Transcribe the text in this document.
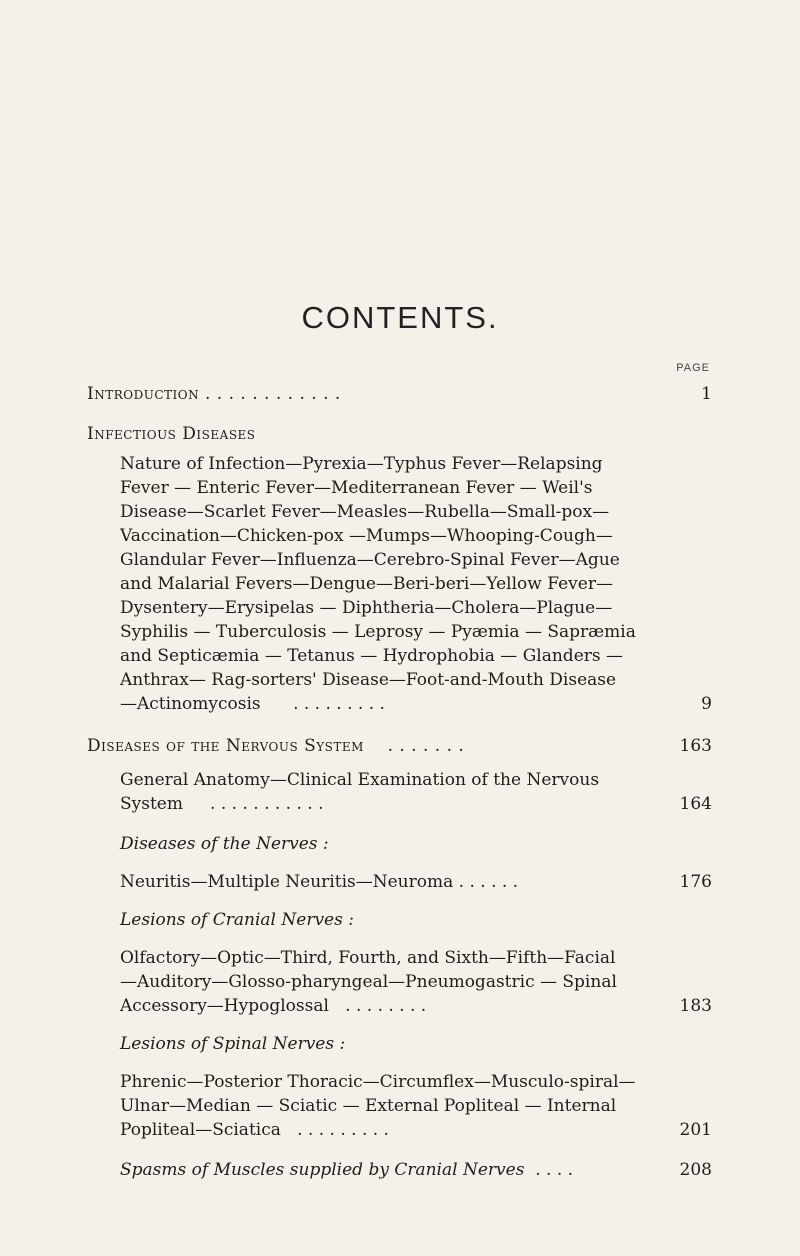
CONTENTS.
PAGE
Introduction . . . . . . . . . . . .	1
Infectious Diseases
Nature of Infection—Pyrexia—Typhus Fever—Relapsing
Fever — Enteric Fever—Mediterranean Fever — Weil's
Disease—Scarlet Fever—Measles—Rubella—Small-pox—
Vaccination—Chicken-pox —Mumps—Whooping-Cough—
Glandular Fever—Influenza—Cerebro-Spinal Fever—Ague
and Malarial Fevers—Dengue—Beri-beri—Yellow Fever—
Dysentery—Erysipelas — Diphtheria—Cholera—Plague—
Syphilis — Tuberculosis — Leprosy — Pyæmia — Sapræmia
and Septicæmia — Tetanus — Hydrophobia — Glanders —
Anthrax— Rag-sorters' Disease—Foot-and-Mouth Disease
—Actinomycosis . . . . . . . . .	9
Diseases of the Nervous System . . . . . . .	163
General Anatomy—Clinical Examination of the Nervous
System . . . . . . . . . . .	164
Diseases of the Nerves :
Neuritis—Multiple Neuritis—Neuroma . . . . . .	176
Lesions of Cranial Nerves :
Olfactory—Optic—Third, Fourth, and Sixth—Fifth—Facial
—Auditory—Glosso-pharyngeal—Pneumogastric — Spinal
Accessory—Hypoglossal . . . . . . . .	183
Lesions of Spinal Nerves :
Phrenic—Posterior Thoracic—Circumflex—Musculo-spiral—
Ulnar—Median — Sciatic — External Popliteal — Internal
Popliteal—Sciatica . . . . . . . . .	201
Spasms of Muscles supplied by Cranial Nerves . . . .	208
